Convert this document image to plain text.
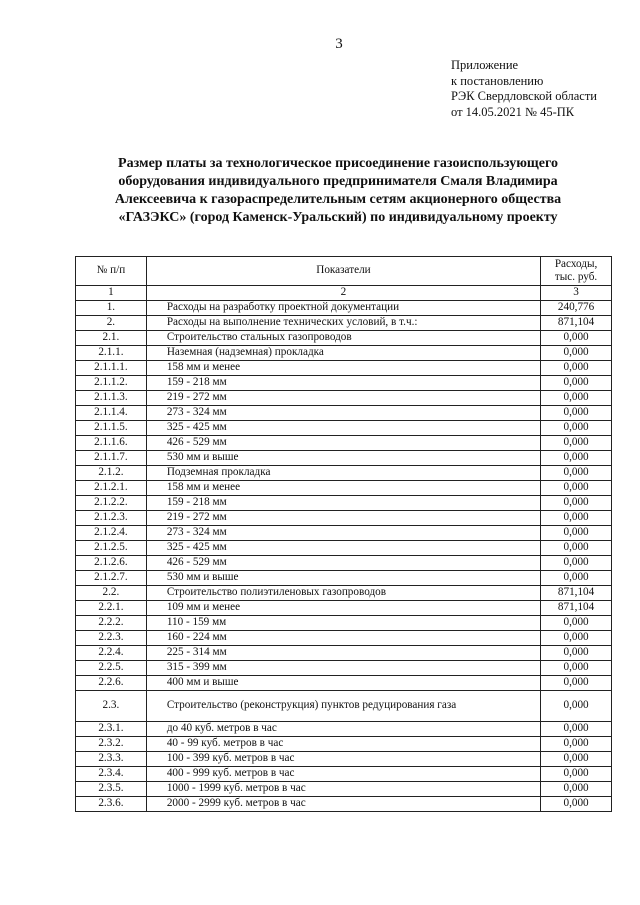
3
Приложение
к постановлению
РЭК Свердловской области
от 14.05.2021 № 45-ПК
Размер платы за технологическое присоединение газоиспользующего
оборудования индивидуального предпринимателя Смаля Владимира
Алексеевича к газораспределительным сетям акционерного общества
«ГАЗЭКС» (город Каменск-Уральский) по индивидуальному проекту
№ п/п	Показатели	Расходы,
тыс. руб.

1	2	3
1.	Расходы на разработку проектной документации	240,776
2.	Расходы на выполнение технических условий, в т.ч.:	871,104
2.1.	Строительство стальных газопроводов	0,000
2.1.1.	Наземная (надземная) прокладка	0,000
2.1.1.1.	158 мм и менее	0,000
2.1.1.2.	159 - 218 мм	0,000
2.1.1.3.	219 - 272 мм	0,000
2.1.1.4.	273 - 324 мм	0,000
2.1.1.5.	325 - 425 мм	0,000
2.1.1.6.	426 - 529 мм	0,000
2.1.1.7.	530 мм и выше	0,000
2.1.2.	Подземная прокладка	0,000
2.1.2.1.	158 мм и менее	0,000
2.1.2.2.	159 - 218 мм	0,000
2.1.2.3.	219 - 272 мм	0,000
2.1.2.4.	273 - 324 мм	0,000
2.1.2.5.	325 - 425 мм	0,000
2.1.2.6.	426 - 529 мм	0,000
2.1.2.7.	530 мм и выше	0,000
2.2.	Строительство полиэтиленовых газопроводов	871,104
2.2.1.	109 мм и менее	871,104
2.2.2.	110 - 159 мм	0,000
2.2.3.	160 - 224 мм	0,000
2.2.4.	225 - 314 мм	0,000
2.2.5.	315 - 399 мм	0,000
2.2.6.	400 мм и выше	0,000
2.3.	Строительство (реконструкция) пунктов редуцирования газа	0,000
2.3.1.	до 40 куб. метров в час	0,000
2.3.2.	40 - 99 куб. метров в час	0,000
2.3.3.	100 - 399 куб. метров в час	0,000
2.3.4.	400 - 999 куб. метров в час	0,000
2.3.5.	1000 - 1999 куб. метров в час	0,000
2.3.6.	2000 - 2999 куб. метров в час	0,000
